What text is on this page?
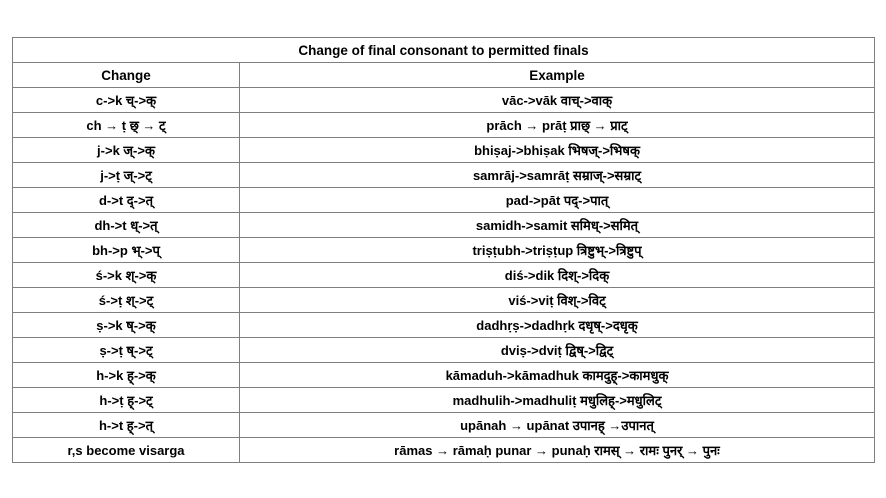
Change of final consonant to permitted finals	
Change	Example
c->k च्->क्	vāc->vāk वाच्->वाक्
ch → ṭ छ् → ट्	prāch → prāṭ प्राछ् → प्राट्
j->k ज्->क्	bhiṣaj->bhiṣak भिषज्->भिषक्
j->ṭ ज्->ट्	samrāj->samrāṭ सम्राज्->सम्राट्
d->t द्->त्	pad->pāt पद्->पात्
dh->t ध्->त्	samidh->samit समिध्->समित्
bh->p भ्->प्	triṣṭubh->triṣṭup त्रिष्टुभ्->त्रिष्टुप्
ś->k श्->क्	diś->dik दिश्->दिक्
ś->ṭ श्->ट्	viś->viṭ विश्->विट्
ṣ->k ष्->क्	dadhṛṣ->dadhṛk दधृष्->दधृक्
ṣ->ṭ ष्->ट्	dviṣ->dviṭ द्विष्->द्विट्
h->k ह्->क्	kāmaduh->kāmadhuk कामदुह्->कामधुक्
h->ṭ ह्->ट्	madhulih->madhuliṭ मधुलिह्->मधुलिट्
h->t ह्->त्	upānah → upānat उपानह् →उपानत्
r,s become visarga	rāmas → rāmaḥ punar → punaḥ रामस् → रामः पुनर् → पुनः
